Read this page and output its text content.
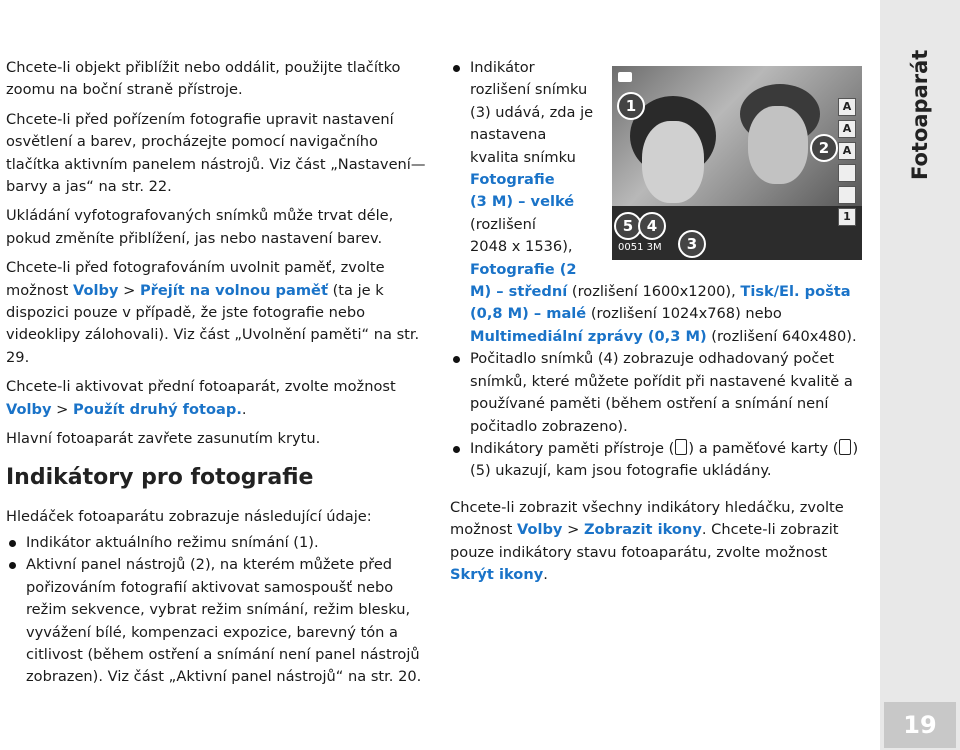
Chcete-li objekt přiblížit nebo oddálit, použijte tlačítko zoomu na boční straně přístroje.

Chcete-li před pořízením fotografie upravit nastavení osvětlení a barev, procházejte pomocí navigačního tlačítka aktivním panelem nástrojů. Viz část „Nastavení—barvy a jas“ na str. 22.

Ukládání vyfotografovaných snímků může trvat déle, pokud změníte přiblížení, jas nebo nastavení barev.

Chcete-li před fotografováním uvolnit paměť, zvolte možnost Volby > Přejít na volnou paměť (ta je k dispozici pouze v případě, že jste fotografie nebo videoklipy zálohovali). Viz část „Uvolnění paměti“ na str. 29.

Chcete-li aktivovat přední fotoaparát, zvolte možnost Volby > Použít druhý fotoap..

Hlavní fotoaparát zavřete zasunutím krytu.

Indikátory pro fotografie

Hledáček fotoaparátu zobrazuje následující údaje:

Indikátor aktuálního režimu snímání (1).
Aktivní panel nástrojů (2), na kterém můžete před pořizováním fotografií aktivovat samospoušť nebo režim sekvence, vybrat režim snímání, režim blesku, vyvážení bílé, kompenzaci expozice, barevný tón a citlivost (během ostření a snímání není panel nástrojů zobrazen). Viz část „Aktivní panel nástrojů“ na str. 20.
1
2
3
5 4
0051 3M
A
A
A
1
Indikátor
rozlišení snímku
(3) udává, zda je
nastavena
kvalita snímku
Fotografie
(3 M) – velké
(rozlišení
2048 x 1536),
Fotografie (2
M) – střední (rozlišení 1600x1200), Tisk/El. pošta (0,8 M) – malé (rozlišení 1024x768) nebo Multimediální zprávy (0,3 M) (rozlišení 640x480).
Počitadlo snímků (4) zobrazuje odhadovaný počet snímků, které můžete pořídit při nastavené kvalitě a používané paměti (během ostření a snímání není počitadlo zobrazeno).
Indikátory paměti přístroje ( ) a paměťové karty ( ) (5) ukazují, kam jsou fotografie ukládány.

Chcete-li zobrazit všechny indikátory hledáčku, zvolte možnost Volby > Zobrazit ikony. Chcete-li zobrazit pouze indikátory stavu fotoaparátu, zvolte možnost Skrýt ikony.

Fotoaparát
19
